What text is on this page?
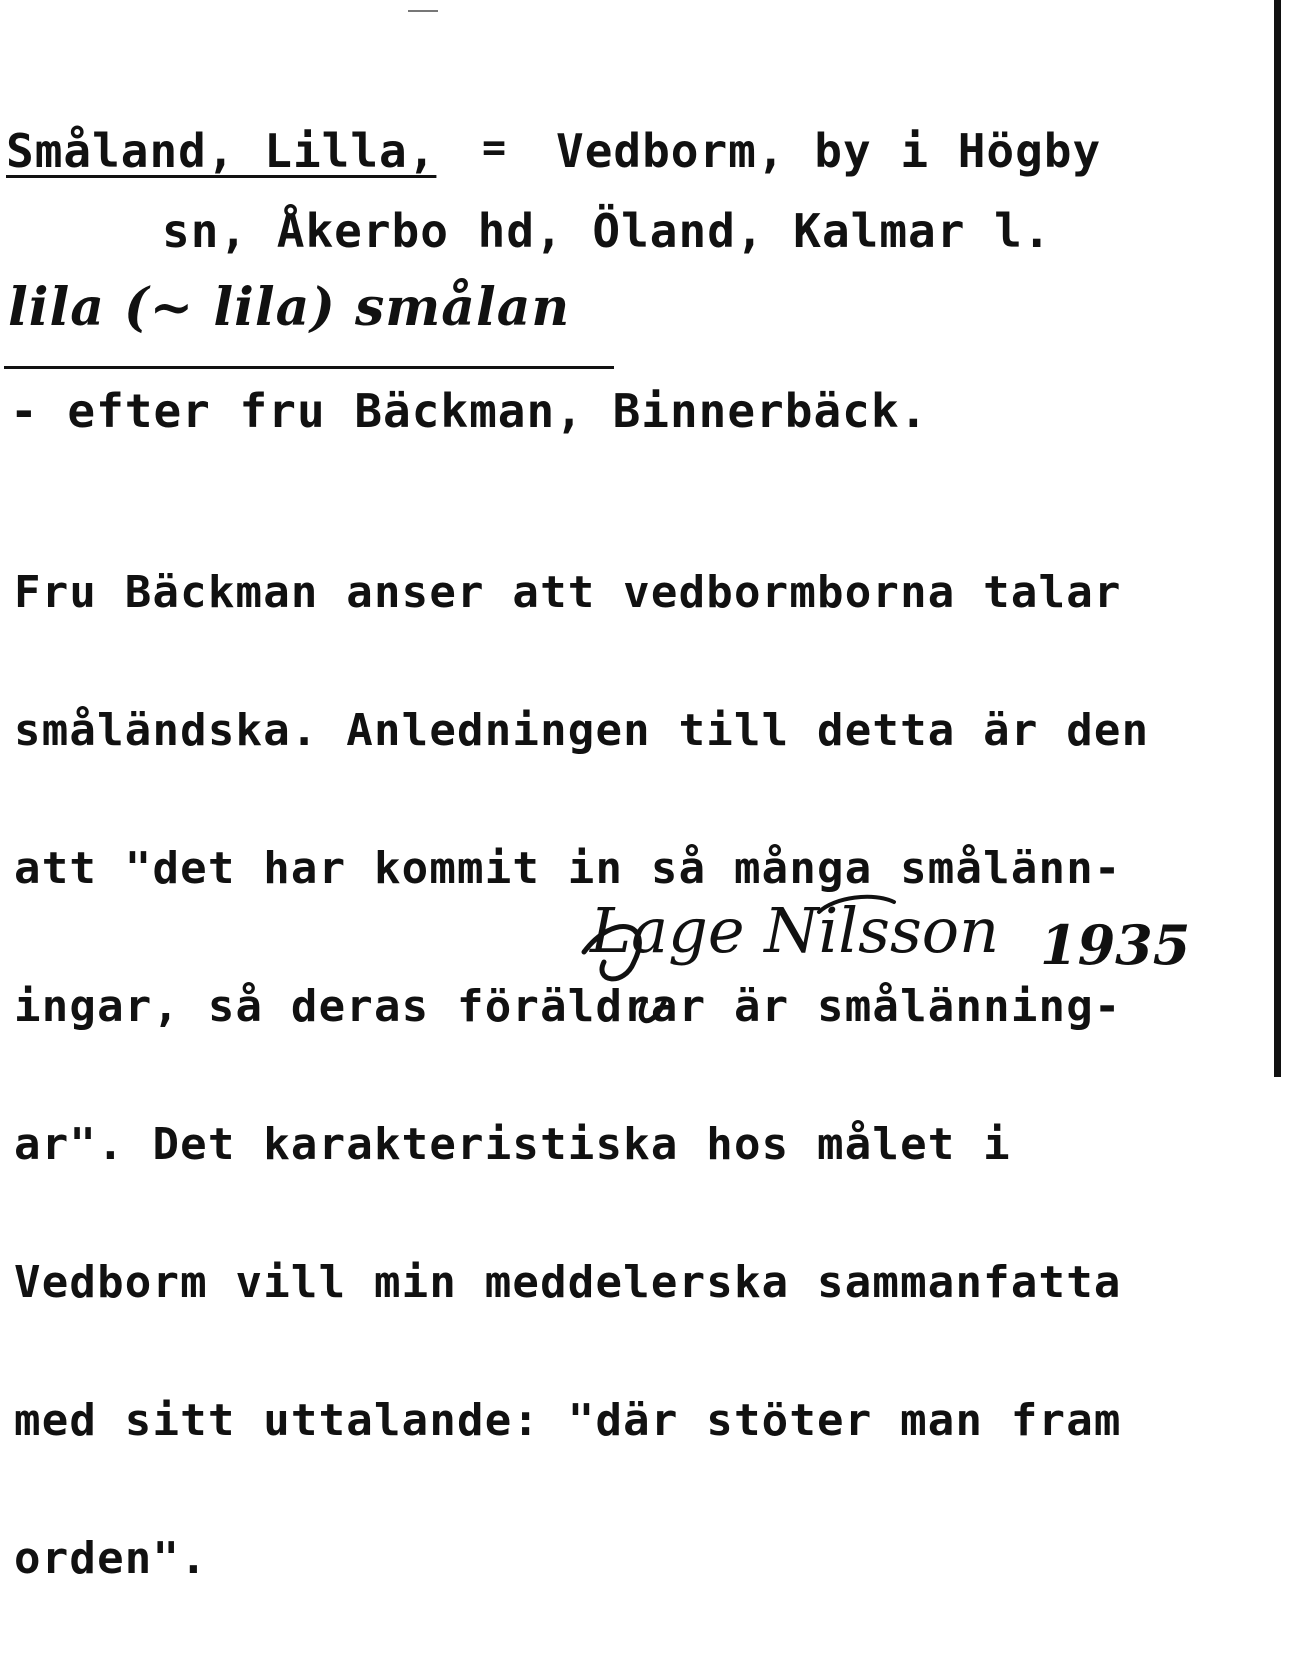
Småland, Lilla, = Vedborm, by i Högby
sn, Åkerbo hd, Öland, Kalmar l.
lila (~ lila) smålan
- efter fru Bäckman, Binnerbäck.

Fru Bäckman anser att vedbormborna talar

småländska. Anledningen till detta är den

att "det har kommit in så många smålänn-

ingar, så deras föräldrar är smålänning-

ar". Det karakteristiska hos målet i

Vedborm vill min meddelerska sammanfatta

med sitt uttalande: "där stöter man fram

orden".

Lage Nilsson 1935
